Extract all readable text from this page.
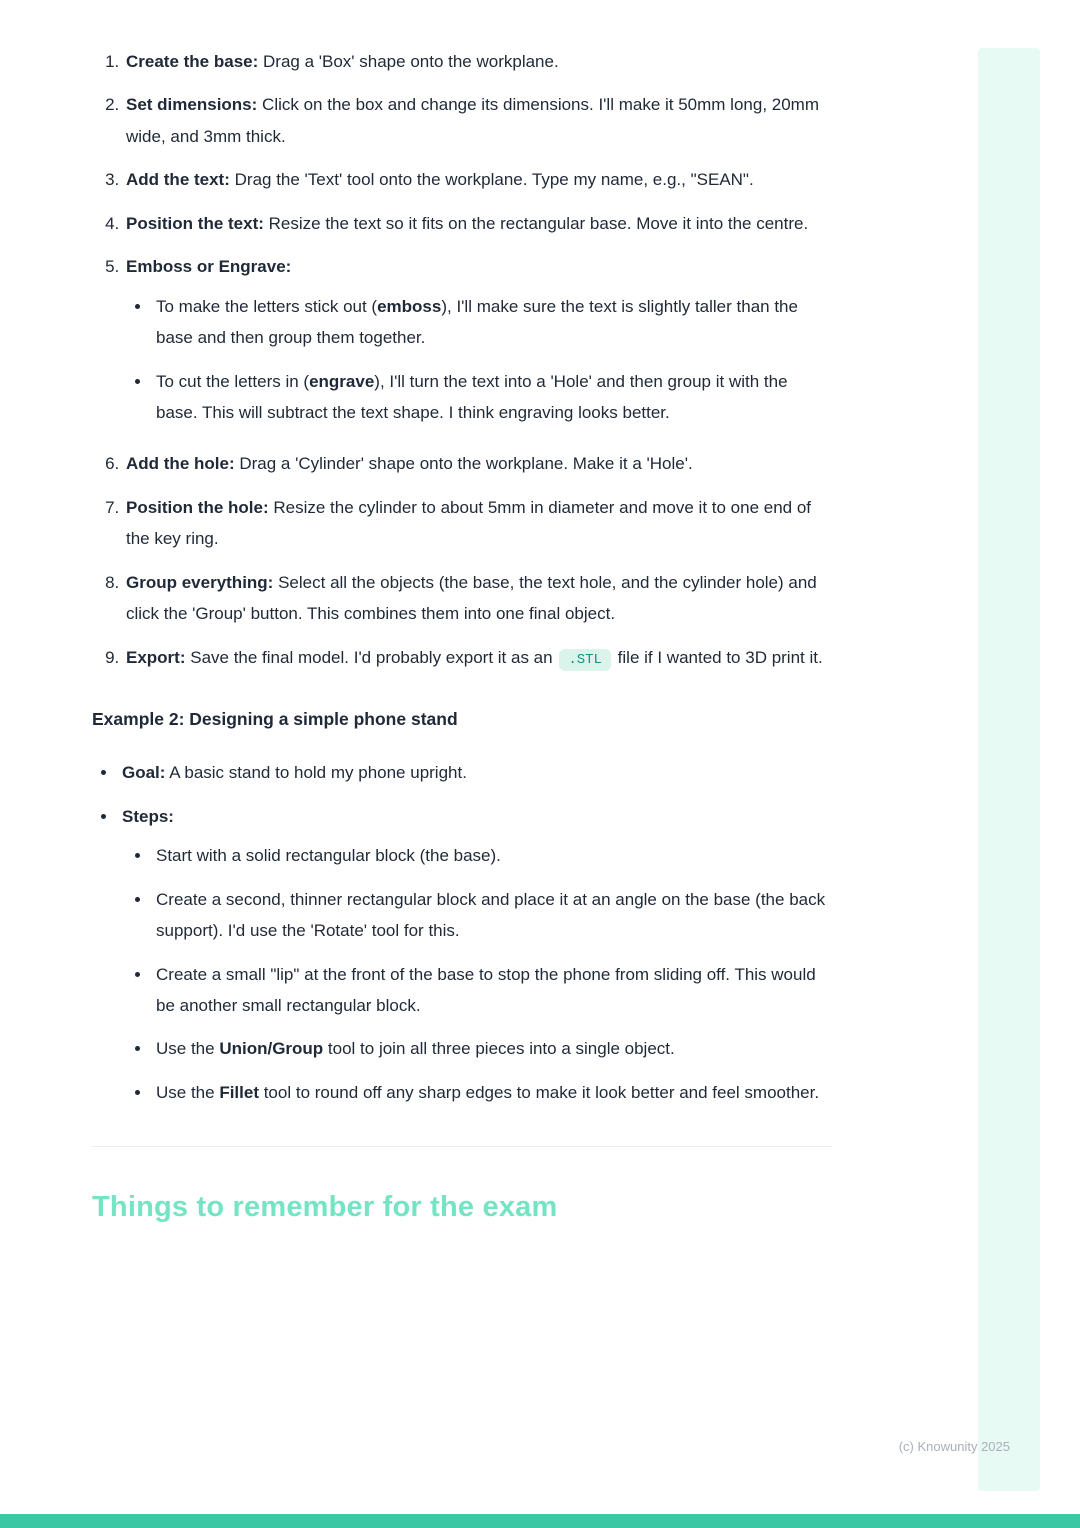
1. Create the base: Drag a 'Box' shape onto the workplane.
2. Set dimensions: Click on the box and change its dimensions. I'll make it 50mm long, 20mm wide, and 3mm thick.
3. Add the text: Drag the 'Text' tool onto the workplane. Type my name, e.g., "SEAN".
4. Position the text: Resize the text so it fits on the rectangular base. Move it into the centre.
5. Emboss or Engrave:
• To make the letters stick out (emboss), I'll make sure the text is slightly taller than the base and then group them together.
• To cut the letters in (engrave), I'll turn the text into a 'Hole' and then group it with the base. This will subtract the text shape. I think engraving looks better.
6. Add the hole: Drag a 'Cylinder' shape onto the workplane. Make it a 'Hole'.
7. Position the hole: Resize the cylinder to about 5mm in diameter and move it to one end of the key ring.
8. Group everything: Select all the objects (the base, the text hole, and the cylinder hole) and click the 'Group' button. This combines them into one final object.
9. Export: Save the final model. I'd probably export it as an .STL file if I wanted to 3D print it.
Example 2: Designing a simple phone stand
• Goal: A basic stand to hold my phone upright.
• Steps:
• Start with a solid rectangular block (the base).
• Create a second, thinner rectangular block and place it at an angle on the base (the back support). I'd use the 'Rotate' tool for this.
• Create a small "lip" at the front of the base to stop the phone from sliding off. This would be another small rectangular block.
• Use the Union/Group tool to join all three pieces into a single object.
• Use the Fillet tool to round off any sharp edges to make it look better and feel smoother.
Things to remember for the exam
(c) Knowunity 2025
